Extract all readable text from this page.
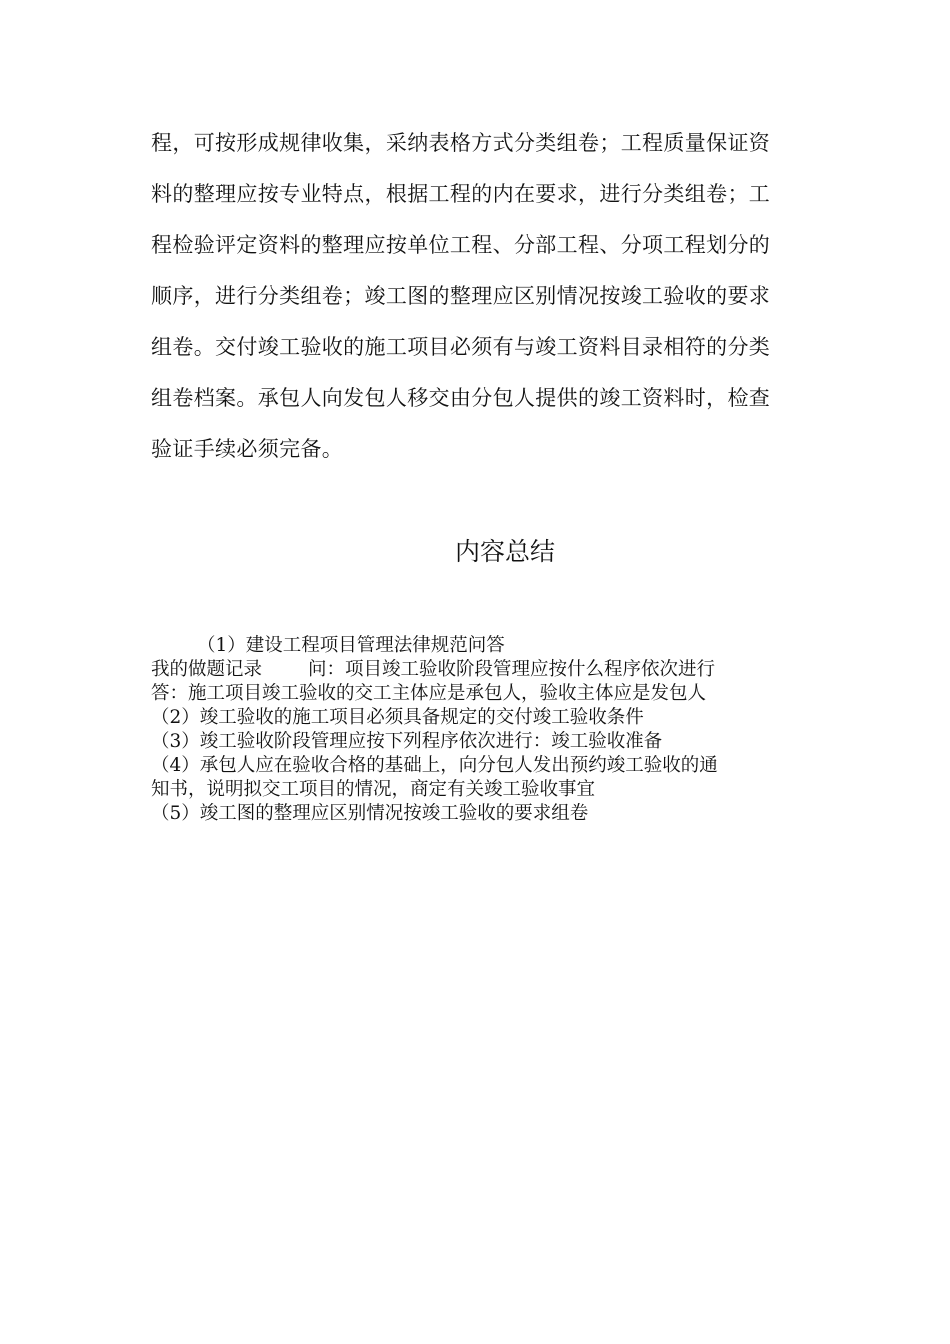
程，可按形成规律收集，采纳表格方式分类组卷；工程质量保证资
料的整理应按专业特点，根据工程的内在要求，进行分类组卷；工
程检验评定资料的整理应按单位工程、分部工程、分项工程划分的
顺序，进行分类组卷；竣工图的整理应区别情况按竣工验收的要求
组卷。交付竣工验收的施工项目必须有与竣工资料目录相符的分类
组卷档案。承包人向发包人移交由分包人提供的竣工资料时，检查
验证手续必须完备。
内容总结
（1）建设工程项目管理法律规范问答
我的做题记录 问：项目竣工验收阶段管理应按什么程序依次进行
答：施工项目竣工验收的交工主体应是承包人，验收主体应是发包人
（2）竣工验收的施工项目必须具备规定的交付竣工验收条件
（3）竣工验收阶段管理应按下列程序依次进行：竣工验收准备
（4）承包人应在验收合格的基础上，向分包人发出预约竣工验收的通
知书，说明拟交工项目的情况，商定有关竣工验收事宜
（5）竣工图的整理应区别情况按竣工验收的要求组卷
